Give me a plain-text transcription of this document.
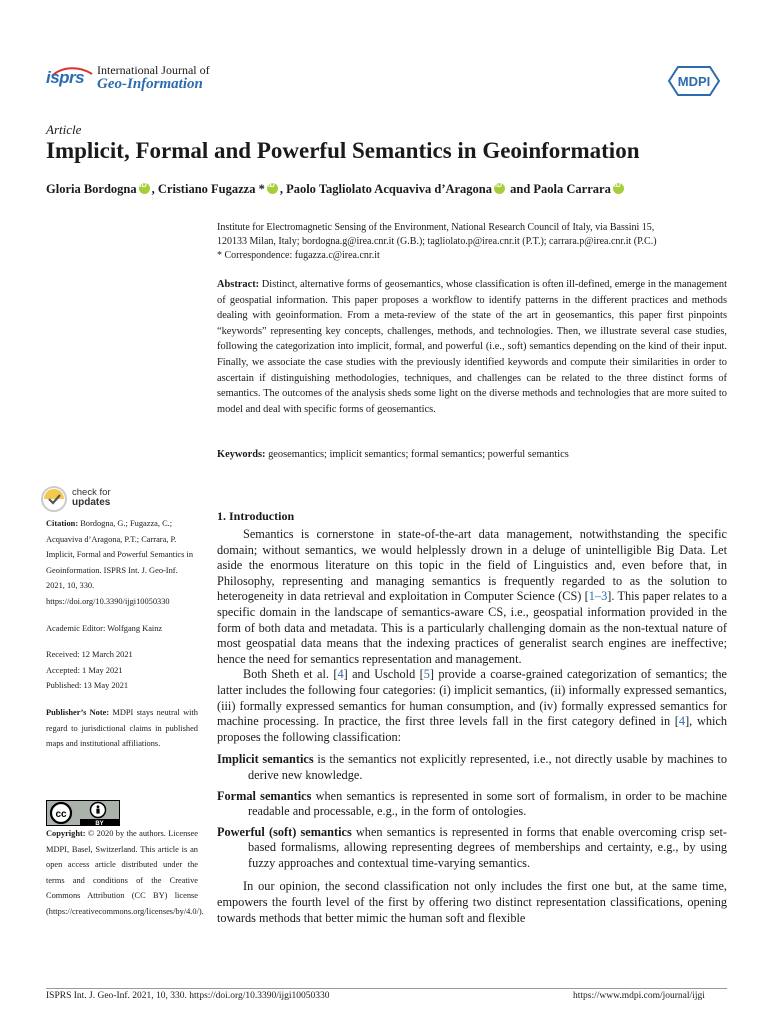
isprs International Journal of
Geo-Information	MDPI
Article
Implicit, Formal and Powerful Semantics in Geoinformation
Gloria Bordogna iD , Cristiano Fugazza * iD , Paolo Tagliolato Acquaviva d’AragonaiD and Paola CarraraiD
Institute for Electromagnetic Sensing of the Environment, National Research Council of Italy, via Bassini 15,
120133 Milan, Italy; bordogna.g@irea.cnr.it (G.B.); tagliolato.p@irea.cnr.it (P.T.); carrara.p@irea.cnr.it (P.C.)
* Correspondence: fugazza.c@irea.cnr.it
Abstract: Distinct, alternative forms of geosemantics, whose classification is often ill-defined, emerge in the management of geospatial information. This paper proposes a workflow to identify patterns in the different practices and methods dealing with geoinformation. From a meta-review of the state of the art in geosemantics, this paper first pinpoints “keywords” representing key concepts, challenges, methods, and technologies. Then, we illustrate several case studies, following the categorization into implicit, formal, and powerful (i.e., soft) semantics depending on the kind of their input. Finally, we associate the case studies with the previously identified keywords and compute their similarities in order to ascertain if distinguishing methodologies, techniques, and challenges can be related to the three distinct forms of semantics. The outcomes of the analysis sheds some light on the diverse methods and technologies that are more suited to model and deal with specific forms of geosemantics.
Keywords: geosemantics; implicit semantics; formal semantics; powerful semantics
check for
updates

Citation: Bordogna, G.; Fugazza, C.; Acquaviva d’Aragona, P.T.; Carrara, P. Implicit, Formal and Powerful Semantics in Geoinformation. ISPRS Int. J. Geo-Inf. 2021, 10, 330. https://doi.org/10.3390/ijgi10050330

Academic Editor: Wolfgang Kainz

Received: 12 March 2021
Accepted: 1 May 2021
Published: 13 May 2021

Publisher’s Note: MDPI stays neutral with regard to jurisdictional claims in published maps and institutional affiliations.

cc
BY
Copyright: © 2020 by the authors. Licensee MDPI, Basel, Switzerland. This article is an open access article distributed under the terms and conditions of the Creative Commons Attribution (CC BY) license (https://creativecommons.org/licenses/by/4.0/).
1. Introduction

Semantics is cornerstone in state-of-the-art data management, notwithstanding the specific domain; without semantics, we would helplessly drown in a deluge of unintelligible Big Data. Let aside the enormous literature on this topic in the field of Linguistics and, even before that, in Philosophy, representing and managing semantics is frequently regarded to as the solution to heterogeneity in data retrieval and exploitation in Computer Science (CS) [1–3]. This paper relates to a specific domain in the landscape of semantics-aware CS, i.e., geospatial information provided in the form of both data and metadata. This is a particularly challenging domain as the non-textual nature of most geospatial data means that the indexing practices of generalist search engines are ineffective; hence the need for semantics representation and management.

Both Sheth et al. [4] and Uschold [5] provide a coarse-grained categorization of semantics; the latter includes the following four categories: (i) implicit semantics, (ii) informally expressed semantics, (iii) formally expressed semantics for human consumption, and (iv) formally expressed semantics for machine processing. In practice, the first three levels fall in the first category defined in [4], which proposes the following classification:

Implicit semantics is the semantics not explicitly represented, i.e., not directly usable by machines to derive new knowledge.

Formal semantics when semantics is represented in some sort of formalism, in order to be machine readable and processable, e.g., in the form of ontologies.

Powerful (soft) semantics when semantics is represented in forms that enable overcoming crisp set-based formalisms, allowing representing degrees of memberships and certainty, e.g., by using fuzzy approaches and contextual time-varying semantics.

In our opinion, the second classification not only includes the first one but, at the same time, empowers the fourth level of the first by offering two distinct representation classifications, opening towards methods that better mimic the human soft and flexible

ISPRS Int. J. Geo-Inf. 2021, 10, 330. https://doi.org/10.3390/ijgi10050330	https://www.mdpi.com/journal/ijgi
